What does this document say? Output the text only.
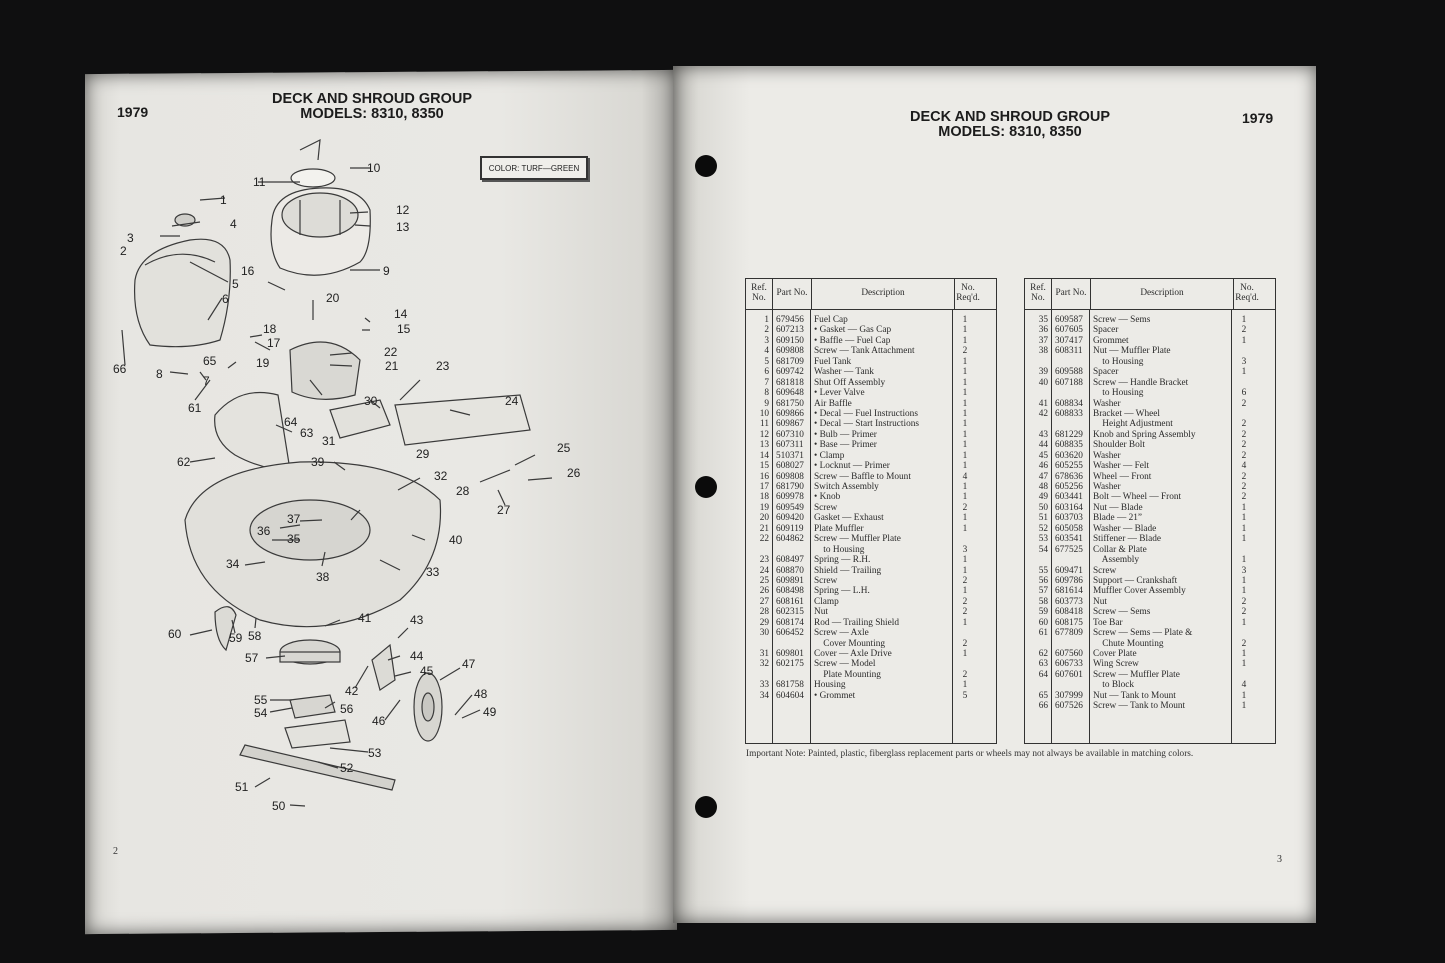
1979
DECK AND SHROUD GROUP
MODELS: 8310, 8350
COLOR: TURF—GREEN
2
1
2
3
4
5
6
7
8
9
10
11
12
13
14
15
16
17
18
19
20
21
22
23
24
25
26
27
28
29
30
31
32
33
34
35
36
37
38
39
40
41
42
43
44
45
46
47
48
49
50
51
52
53
54
55
56
57
58
59
60
61
62
63
64
65
66
DECK AND SHROUD GROUP
MODELS: 8310, 8350
1979
3
Ref. No.	Part No.	Description	No. Req'd.
1 679456	Fuel Cap	1
2 607213	• Gasket — Gas Cap	1
3 609150	• Baffle — Fuel Cap	1
4 609808	Screw — Tank Attachment	2
5 681709	Fuel Tank	1
6 609742	Washer — Tank	1
7 681818	Shut Off Assembly	1
8 609648	• Lever Valve	1
9 681750	Air Baffle	1
10 609866	• Decal — Fuel Instructions	1
11 609867	• Decal — Start Instructions	1
12 607310	• Bulb — Primer	1
13 607311	• Base — Primer	1
14 510371	• Clamp	1
15 608027	• Locknut — Primer	1
16 609808	Screw — Baffle to Mount	4
17 681790	Switch Assembly	1
18 609978	• Knob	1
19 609549	Screw	2
20 609420	Gasket — Exhaust	1
21 609119	Plate Muffler	1
22 604862	Screw — Muffler Plate
to Housing	3
23 608497	Spring — R.H.	1
24 608870	Shield — Trailing	1
25 609891	Screw	2
26 608498	Spring — L.H.	1
27 608161	Clamp	2
28 602315	Nut	2
29 608174	Rod — Trailing Shield	1
30 606452	Screw — Axle
Cover Mounting	2
31 609801	Cover — Axle Drive	1
32 602175	Screw — Model
Plate Mounting	2
33 681758	Housing	1
34 604604	• Grommet	5
Ref. No.	Part No.	Description	No. Req'd.
35 609587	Screw — Sems	1
36 607605	Spacer	2
37 307417	Grommet	1
38 608311	Nut — Muffler Plate
to Housing	3
39 609588	Spacer	1
40 607188	Screw — Handle Bracket
to Housing	6
41 608834	Washer	2
42 608833	Bracket — Wheel
Height Adjustment	2
43 681229	Knob and Spring Assembly	2
44 608835	Shoulder Bolt	2
45 603620	Washer	2
46 605255	Washer — Felt	4
47 678636	Wheel — Front	2
48 605256	Washer	2
49 603441	Bolt — Wheel — Front	2
50 603164	Nut — Blade	1
51 603703	Blade — 21”	1
52 605058	Washer — Blade	1
53 603541	Stiffener — Blade	1
54 677525	Collar & Plate
Assembly	1
55 609471	Screw	3
56 609786	Support — Crankshaft	1
57 681614	Muffler Cover Assembly	1
58 603773	Nut	2
59 608418	Screw — Sems	2
60 608175	Toe Bar	1
61 677809	Screw — Sems — Plate &
Chute Mounting	2
62 607560	Cover Plate	1
63 606733	Wing Screw	1
64 607601	Screw — Muffler Plate
to Block	4
65 307999	Nut — Tank to Mount	1
66 607526	Screw — Tank to Mount	1
Important Note: Painted, plastic, fiberglass replacement parts or wheels may not always be available in matching colors.
